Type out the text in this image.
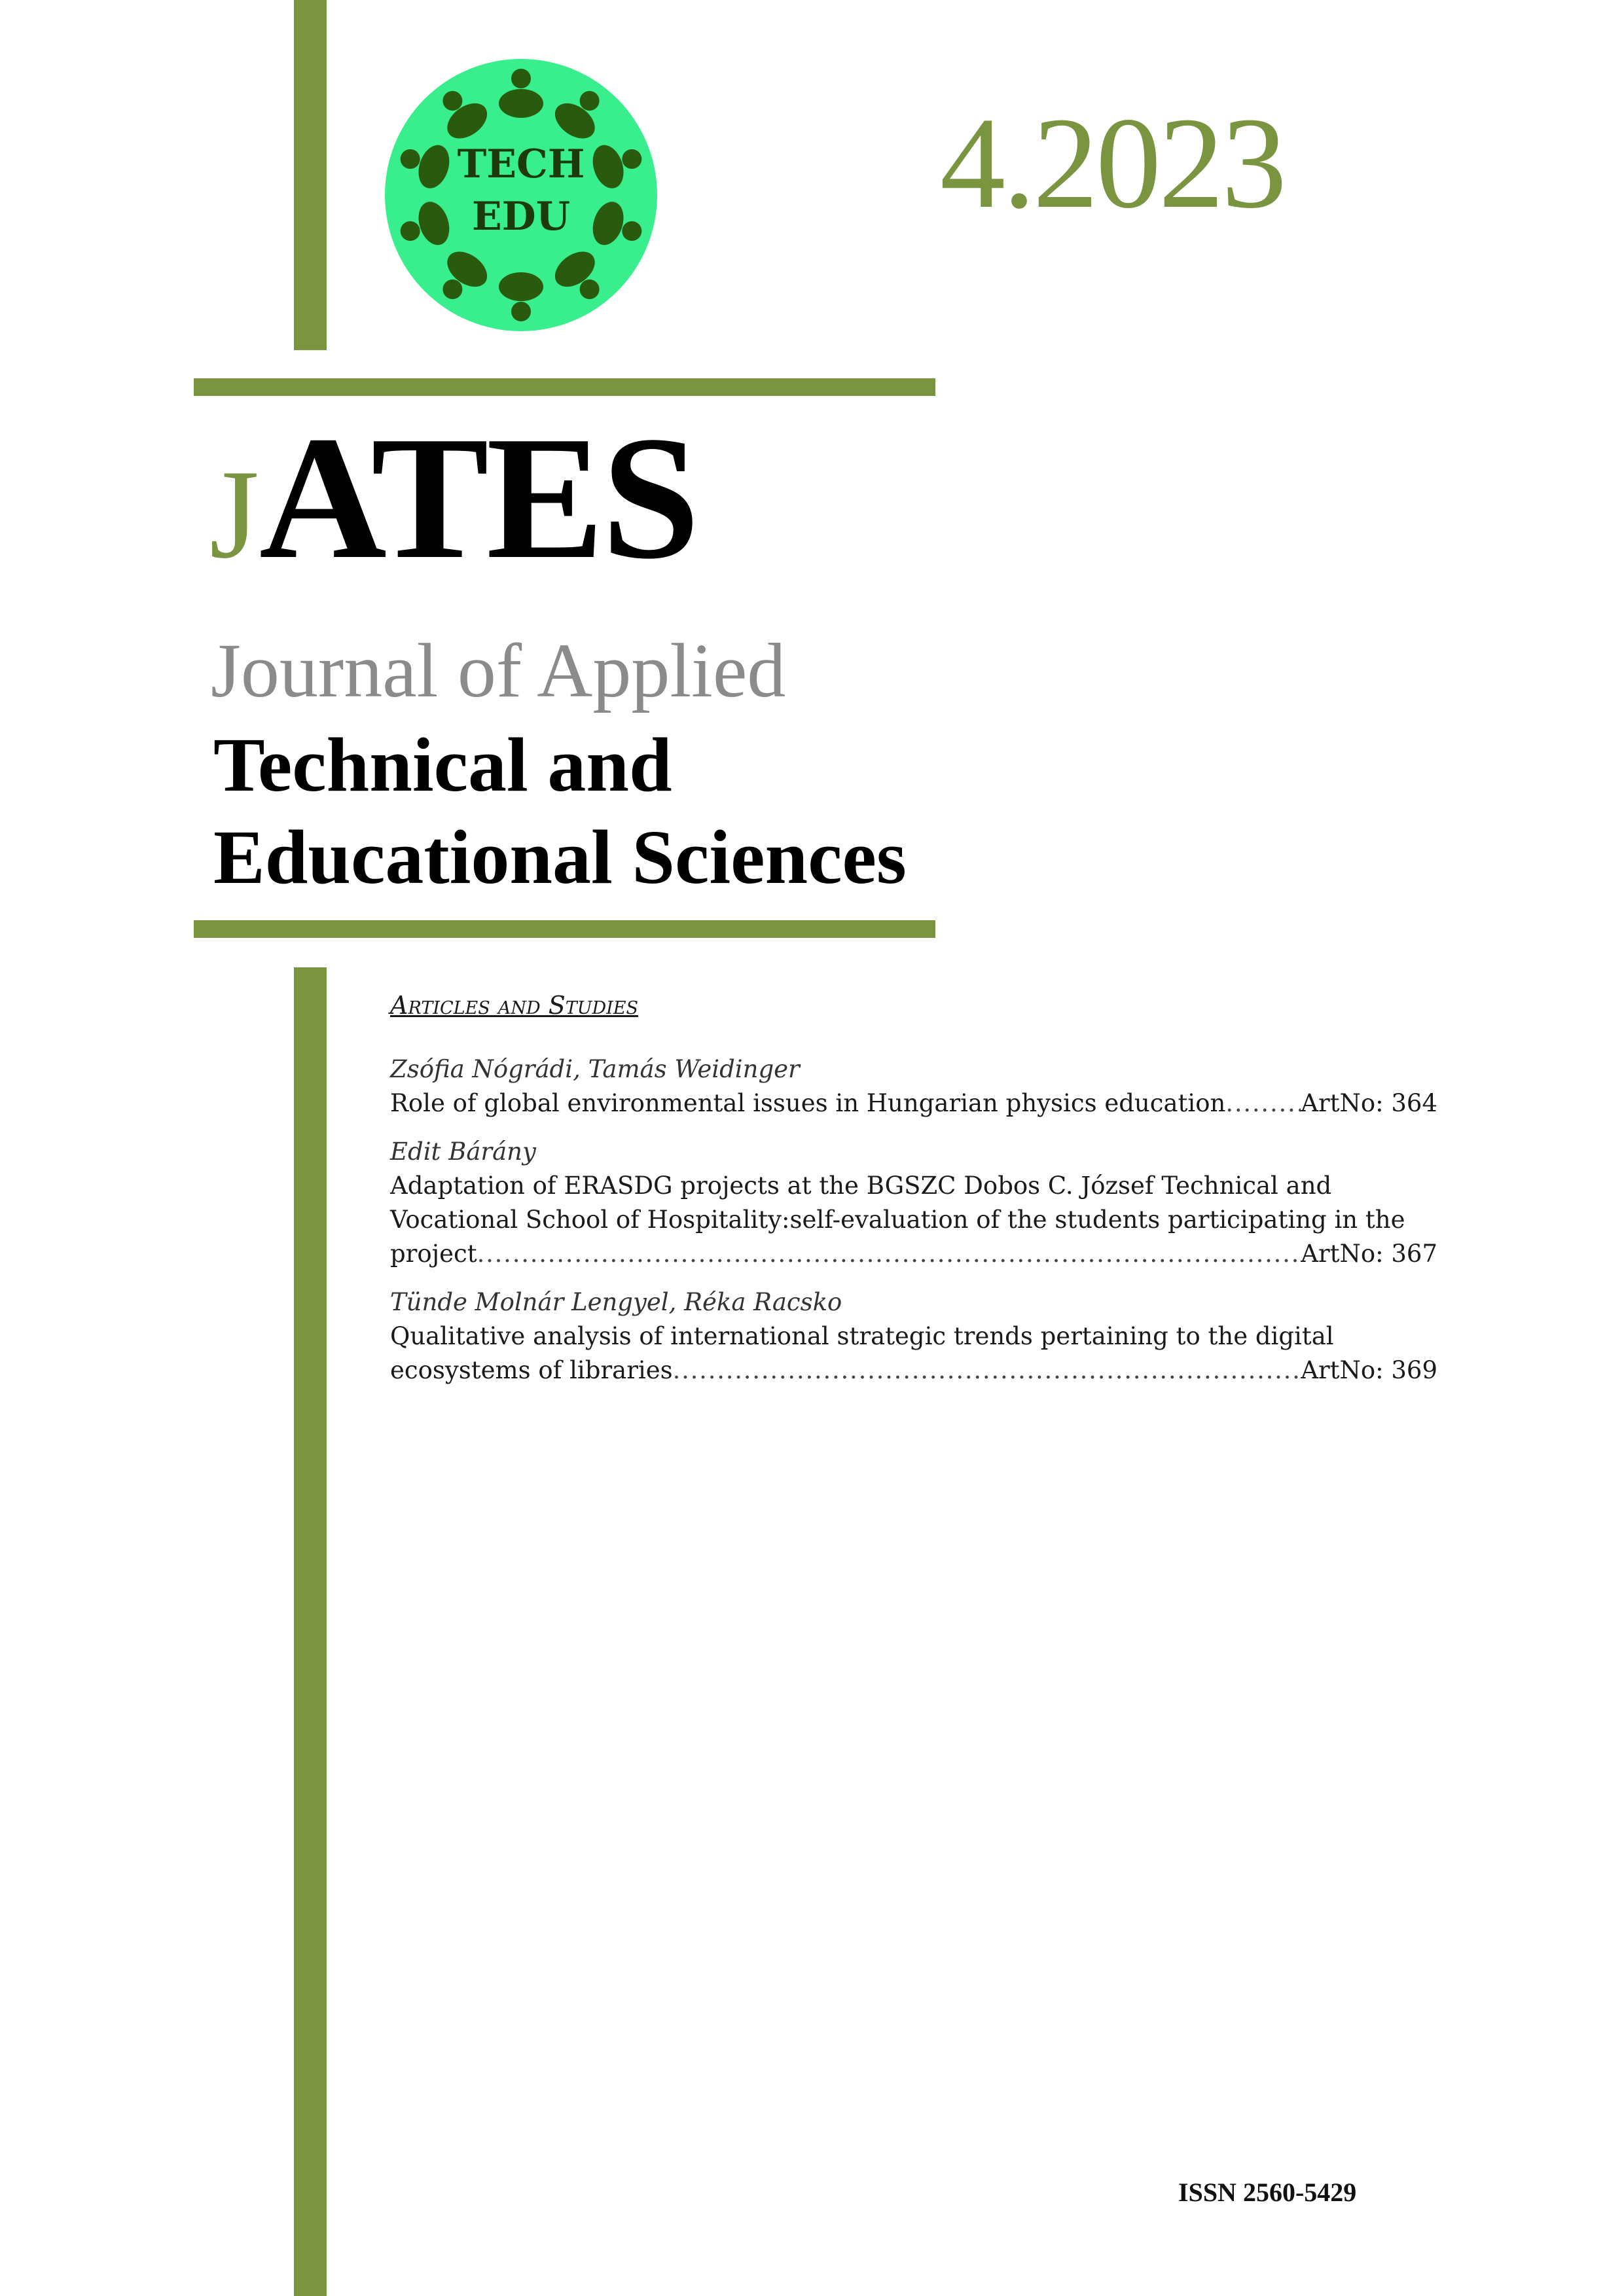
TECH
EDU	4.2023
JATES
Journal of Applied
Technical and
Educational Sciences
Articles and Studies
Zsófia Nógrádi, Tamás Weidinger
Role of global environmental issues in Hungarian physics education . . .	ArtNo: 364
Edit Bárány
Adaptation of ERASDG projects at the BGSZC Dobos C. József Technical and
Vocational School of Hospitality:self-evaluation of the students participating in the
project . . .	ArtNo: 367
Tünde Molnár Lengyel, Réka Racsko
Qualitative analysis of international strategic trends pertaining to the digital
ecosystems of libraries . . .	ArtNo: 369
ISSN 2560-5429
